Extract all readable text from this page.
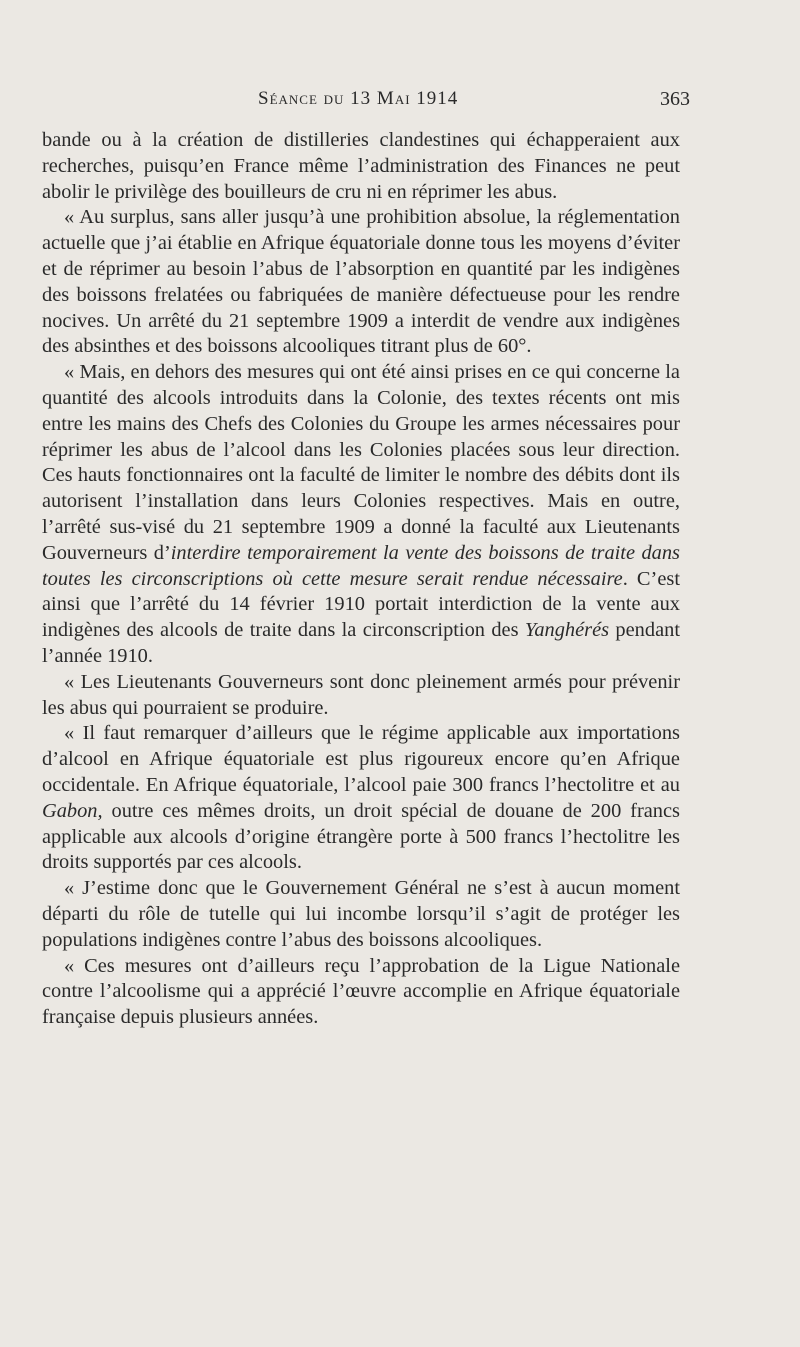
Séance du 13 Mai 1914	363

bande ou à la création de distilleries clandestines qui échapperaient aux recherches, puisqu’en France même l’administration des Finances ne peut abolir le privilège des bouilleurs de cru ni en réprimer les abus.

« Au surplus, sans aller jusqu’à une prohibition absolue, la réglementation actuelle que j’ai établie en Afrique équatoriale donne tous les moyens d’éviter et de réprimer au besoin l’abus de l’absorption en quantité par les indigènes des boissons frelatées ou fabriquées de manière défectueuse pour les rendre nocives. Un arrêté du 21 septembre 1909 a interdit de vendre aux indigènes des absinthes et des boissons alcooliques titrant plus de 60°.

« Mais, en dehors des mesures qui ont été ainsi prises en ce qui concerne la quantité des alcools introduits dans la Colonie, des textes récents ont mis entre les mains des Chefs des Colonies du Groupe les armes nécessaires pour réprimer les abus de l’alcool dans les Colonies placées sous leur direction. Ces hauts fonctionnaires ont la faculté de limiter le nombre des débits dont ils autorisent l’installation dans leurs Colonies respectives. Mais en outre, l’arrêté sus-visé du 21 septembre 1909 a donné la faculté aux Lieutenants Gouverneurs d’interdire temporairement la vente des boissons de traite dans toutes les circonscriptions où cette mesure serait rendue nécessaire. C’est ainsi que l’arrêté du 14 février 1910 portait interdiction de la vente aux indigènes des alcools de traite dans la circonscription des Yanghérés pendant l’année 1910.

« Les Lieutenants Gouverneurs sont donc pleinement armés pour prévenir les abus qui pourraient se produire.

« Il faut remarquer d’ailleurs que le régime applicable aux importations d’alcool en Afrique équatoriale est plus rigoureux encore qu’en Afrique occidentale. En Afrique équatoriale, l’alcool paie 300 francs l’hectolitre et au Gabon, outre ces mêmes droits, un droit spécial de douane de 200 francs applicable aux alcools d’origine étrangère porte à 500 francs l’hectolitre les droits supportés par ces alcools.

« J’estime donc que le Gouvernement Général ne s’est à aucun moment départi du rôle de tutelle qui lui incombe lorsqu’il s’agit de protéger les populations indigènes contre l’abus des boissons alcooliques.

« Ces mesures ont d’ailleurs reçu l’approbation de la Ligue Nationale contre l’alcoolisme qui a apprécié l’œuvre accomplie en Afrique équatoriale française depuis plusieurs années.
